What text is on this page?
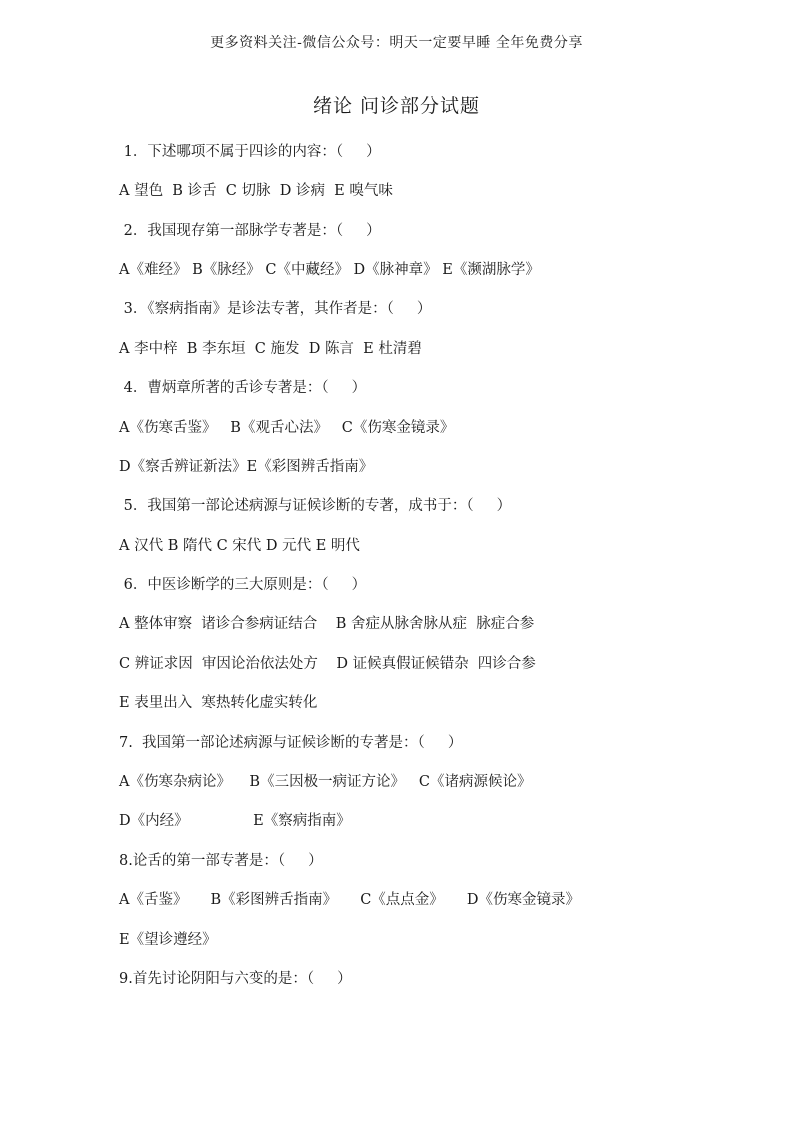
更多资料关注-微信公众号：明天一定要早睡 全年免费分享
绪论 问诊部分试题
1．下述哪项不属于四诊的内容：（     ）
A 望色  B 诊舌  C 切脉  D 诊病  E 嗅气味
2．我国现存第一部脉学专著是：（     ）
A《难经》 B《脉经》 C《中藏经》 D《脉神章》 E《濒湖脉学》
3．《察病指南》是诊法专著，其作者是：（     ）
A 李中梓  B 李东垣  C 施发  D 陈言  E 杜清碧
4．曹炳章所著的舌诊专著是：（     ）
A《伤寒舌鉴》   B《观舌心法》   C《伤寒金镜录》
D《察舌辨证新法》E《彩图辨舌指南》
5．我国第一部论述病源与证候诊断的专著，成书于：（     ）
A 汉代 B 隋代 C 宋代 D 元代 E 明代
6．中医诊断学的三大原则是：（     ）
A 整体审察  诸诊合参病证结合    B 舍症从脉舍脉从症  脉症合参
C 辨证求因  审因论治依法处方    D 证候真假证候错杂  四诊合参
E 表里出入  寒热转化虚实转化
7.  我国第一部论述病源与证候诊断的专著是：（     ）
A《伤寒杂病论》    B《三因极一病证方论》   C《诸病源候论》
D《内经》              E《察病指南》
8.论舌的第一部专著是：（     ）
A《舌鉴》     B《彩图辨舌指南》     C《点点金》     D《伤寒金镜录》
E《望诊遵经》
9.首先讨论阴阳与六变的是：（     ）
